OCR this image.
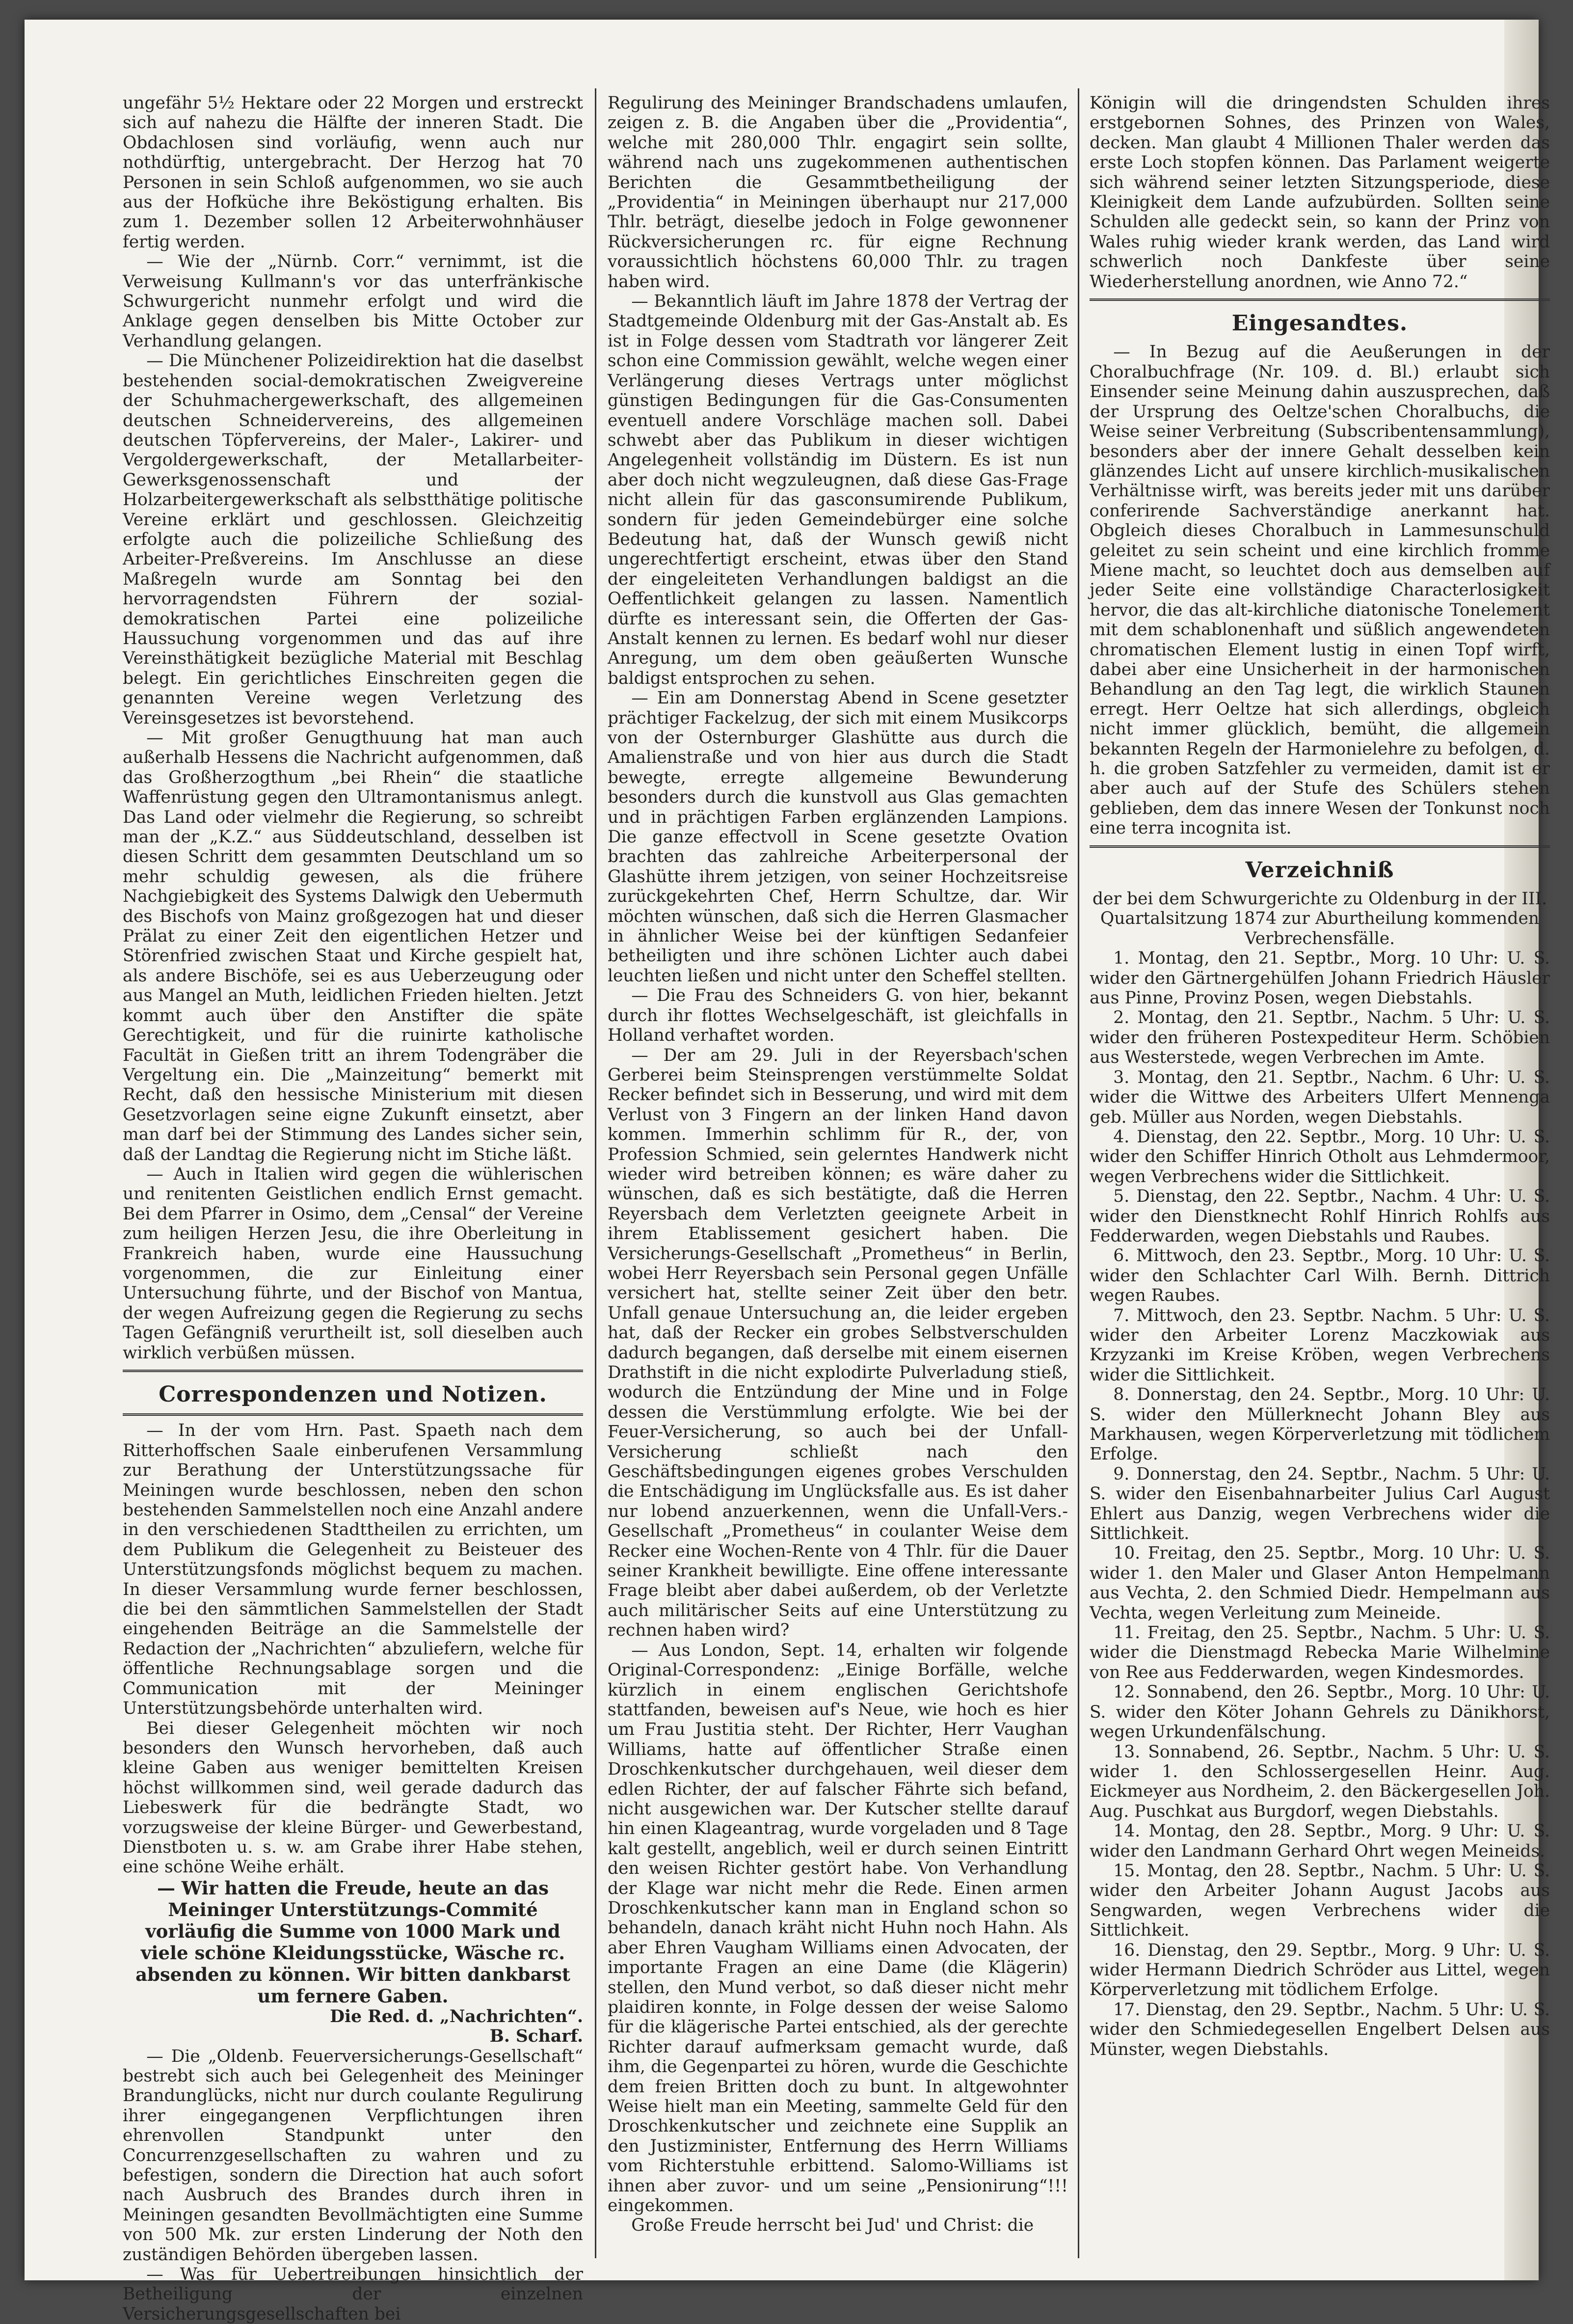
ungefähr 5½ Hektare oder 22 Morgen und erstreckt sich auf nahezu die Hälfte der inneren Stadt. Die Obdachlosen sind vorläufig, wenn auch nur nothdürftig, untergebracht. Der Herzog hat 70 Personen in sein Schloß aufgenommen, wo sie auch aus der Hofküche ihre Beköstigung erhalten. Bis zum 1. Dezember sollen 12 Arbeiterwohnhäuser fertig werden.

— Wie der „Nürnb. Corr.“ vernimmt, ist die Verweisung Kullmann's vor das unterfränkische Schwurgericht nunmehr erfolgt und wird die Anklage gegen denselben bis Mitte October zur Verhandlung gelangen.

— Die Münchener Polizeidirektion hat die daselbst bestehenden social-demokratischen Zweigvereine der Schuhmachergewerkschaft, des allgemeinen deutschen Schneidervereins, des allgemeinen deutschen Töpfervereins, der Maler-, Lakirer- und Vergoldergewerkschaft, der Metallarbeiter-Gewerksgenossenschaft und der Holzarbeitergewerkschaft als selbstthätige politische Vereine erklärt und geschlossen. Gleichzeitig erfolgte auch die polizeiliche Schließung des Arbeiter-Preßvereins. Im Anschlusse an diese Maßregeln wurde am Sonntag bei den hervorragendsten Führern der sozial-demokratischen Partei eine polizeiliche Haussuchung vorgenommen und das auf ihre Vereinsthätigkeit bezügliche Material mit Beschlag belegt. Ein gerichtliches Einschreiten gegen die genannten Vereine wegen Verletzung des Vereinsgesetzes ist bevorstehend.

— Mit großer Genugthuung hat man auch außerhalb Hessens die Nachricht aufgenommen, daß das Großherzogthum „bei Rhein“ die staatliche Waffenrüstung gegen den Ultramontanismus anlegt. Das Land oder vielmehr die Regierung, so schreibt man der „K.Z.“ aus Süddeutschland, desselben ist diesen Schritt dem gesammten Deutschland um so mehr schuldig gewesen, als die frühere Nachgiebigkeit des Systems Dalwigk den Uebermuth des Bischofs von Mainz großgezogen hat und dieser Prälat zu einer Zeit den eigentlichen Hetzer und Störenfried zwischen Staat und Kirche gespielt hat, als andere Bischöfe, sei es aus Ueberzeugung oder aus Mangel an Muth, leidlichen Frieden hielten. Jetzt kommt auch über den Anstifter die späte Gerechtigkeit, und für die ruinirte katholische Facultät in Gießen tritt an ihrem Todengräber die Vergeltung ein. Die „Mainzeitung“ bemerkt mit Recht, daß den hessische Ministerium mit diesen Gesetzvorlagen seine eigne Zukunft einsetzt, aber man darf bei der Stimmung des Landes sicher sein, daß der Landtag die Regierung nicht im Stiche läßt.

— Auch in Italien wird gegen die wühlerischen und renitenten Geistlichen endlich Ernst gemacht. Bei dem Pfarrer in Osimo, dem „Censal“ der Vereine zum heiligen Herzen Jesu, die ihre Oberleitung in Frankreich haben, wurde eine Haussuchung vorgenommen, die zur Einleitung einer Untersuchung führte, und der Bischof von Mantua, der wegen Aufreizung gegen die Regierung zu sechs Tagen Gefängniß verurtheilt ist, soll dieselben auch wirklich verbüßen müssen.

Correspondenzen und Notizen.

— In der vom Hrn. Past. Spaeth nach dem Ritterhoffschen Saale einberufenen Versammlung zur Berathung der Unterstützungssache für Meiningen wurde beschlossen, neben den schon bestehenden Sammelstellen noch eine Anzahl andere in den verschiedenen Stadttheilen zu errichten, um dem Publikum die Gelegenheit zu Beisteuer des Unterstützungsfonds möglichst bequem zu machen. In dieser Versammlung wurde ferner beschlossen, die bei den sämmtlichen Sammelstellen der Stadt eingehenden Beiträge an die Sammelstelle der Redaction der „Nachrichten“ abzuliefern, welche für öffentliche Rechnungsablage sorgen und die Communication mit der Meininger Unterstützungsbehörde unterhalten wird.

Bei dieser Gelegenheit möchten wir noch besonders den Wunsch hervorheben, daß auch kleine Gaben aus weniger bemittelten Kreisen höchst willkommen sind, weil gerade dadurch das Liebeswerk für die bedrängte Stadt, wo vorzugsweise der kleine Bürger- und Gewerbestand, Dienstboten u. s. w. am Grabe ihrer Habe stehen, eine schöne Weihe erhält.

— Wir hatten die Freude, heute an das Meininger Unterstützungs-Commité vorläufig die Summe von 1000 Mark und viele schöne Kleidungsstücke, Wäsche rc. absenden zu können. Wir bitten dankbarst um fernere Gaben.

Die Red. d. „Nachrichten“.

B. Scharf.

— Die „Oldenb. Feuerversicherungs-Gesellschaft“ bestrebt sich auch bei Gelegenheit des Meininger Brandunglücks, nicht nur durch coulante Regulirung ihrer eingegangenen Verpflichtungen ihren ehrenvollen Standpunkt unter den Concurrenzgesellschaften zu wahren und zu befestigen, sondern die Direction hat auch sofort nach Ausbruch des Brandes durch ihren in Meiningen gesandten Bevollmächtigten eine Summe von 500 Mk. zur ersten Linderung der Noth den zuständigen Behörden übergeben lassen.

— Was für Uebertreibungen hinsichtlich der Betheiligung der einzelnen Versicherungsgesellschaften bei

Regulirung des Meininger Brandschadens umlaufen, zeigen z. B. die Angaben über die „Providentia“, welche mit 280,000 Thlr. engagirt sein sollte, während nach uns zugekommenen authentischen Berichten die Gesammtbetheiligung der „Providentia“ in Meiningen überhaupt nur 217,000 Thlr. beträgt, dieselbe jedoch in Folge gewonnener Rückversicherungen rc. für eigne Rechnung voraussichtlich höchstens 60,000 Thlr. zu tragen haben wird.

— Bekanntlich läuft im Jahre 1878 der Vertrag der Stadtgemeinde Oldenburg mit der Gas-Anstalt ab. Es ist in Folge dessen vom Stadtrath vor längerer Zeit schon eine Commission gewählt, welche wegen einer Verlängerung dieses Vertrags unter möglichst günstigen Bedingungen für die Gas-Consumenten eventuell andere Vorschläge machen soll. Dabei schwebt aber das Publikum in dieser wichtigen Angelegenheit vollständig im Düstern. Es ist nun aber doch nicht wegzuleugnen, daß diese Gas-Frage nicht allein für das gasconsumirende Publikum, sondern für jeden Gemeindebürger eine solche Bedeutung hat, daß der Wunsch gewiß nicht ungerechtfertigt erscheint, etwas über den Stand der eingeleiteten Verhandlungen baldigst an die Oeffentlichkeit gelangen zu lassen. Namentlich dürfte es interessant sein, die Offerten der Gas-Anstalt kennen zu lernen. Es bedarf wohl nur dieser Anregung, um dem oben geäußerten Wunsche baldigst entsprochen zu sehen.

— Ein am Donnerstag Abend in Scene gesetzter prächtiger Fackelzug, der sich mit einem Musikcorps von der Osternburger Glashütte aus durch die Amalienstraße und von hier aus durch die Stadt bewegte, erregte allgemeine Bewunderung besonders durch die kunstvoll aus Glas gemachten und in prächtigen Farben erglänzenden Lampions. Die ganze effectvoll in Scene gesetzte Ovation brachten das zahlreiche Arbeiterpersonal der Glashütte ihrem jetzigen, von seiner Hochzeitsreise zurückgekehrten Chef, Herrn Schultze, dar. Wir möchten wünschen, daß sich die Herren Glasmacher in ähnlicher Weise bei der künftigen Sedanfeier betheiligten und ihre schönen Lichter auch dabei leuchten ließen und nicht unter den Scheffel stellten.

— Die Frau des Schneiders G. von hier, bekannt durch ihr flottes Wechselgeschäft, ist gleichfalls in Holland verhaftet worden.

— Der am 29. Juli in der Reyersbach'schen Gerberei beim Steinsprengen verstümmelte Soldat Recker befindet sich in Besserung, und wird mit dem Verlust von 3 Fingern an der linken Hand davon kommen. Immerhin schlimm für R., der, von Profession Schmied, sein gelerntes Handwerk nicht wieder wird betreiben können; es wäre daher zu wünschen, daß es sich bestätigte, daß die Herren Reyersbach dem Verletzten geeignete Arbeit in ihrem Etablissement gesichert haben. Die Versicherungs-Gesellschaft „Prometheus“ in Berlin, wobei Herr Reyersbach sein Personal gegen Unfälle versichert hat, stellte seiner Zeit über den betr. Unfall genaue Untersuchung an, die leider ergeben hat, daß der Recker ein grobes Selbstverschulden dadurch begangen, daß derselbe mit einem eisernen Drathstift in die nicht explodirte Pulverladung stieß, wodurch die Entzündung der Mine und in Folge dessen die Verstümmlung erfolgte. Wie bei der Feuer-Versicherung, so auch bei der Unfall-Versicherung schließt nach den Geschäftsbedingungen eigenes grobes Verschulden die Entschädigung im Unglücksfalle aus. Es ist daher nur lobend anzuerkennen, wenn die Unfall-Vers.-Gesellschaft „Prometheus“ in coulanter Weise dem Recker eine Wochen-Rente von 4 Thlr. für die Dauer seiner Krankheit bewilligte. Eine offene interessante Frage bleibt aber dabei außerdem, ob der Verletzte auch militärischer Seits auf eine Unterstützung zu rechnen haben wird?

— Aus London, Sept. 14, erhalten wir folgende Original-Correspondenz: „Einige Borfälle, welche kürzlich in einem englischen Gerichtshofe stattfanden, beweisen auf's Neue, wie hoch es hier um Frau Justitia steht. Der Richter, Herr Vaughan Williams, hatte auf öffentlicher Straße einen Droschkenkutscher durchgehauen, weil dieser dem edlen Richter, der auf falscher Fährte sich befand, nicht ausgewichen war. Der Kutscher stellte darauf hin einen Klageantrag, wurde vorgeladen und 8 Tage kalt gestellt, angeblich, weil er durch seinen Eintritt den weisen Richter gestört habe. Von Verhandlung der Klage war nicht mehr die Rede. Einen armen Droschkenkutscher kann man in England schon so behandeln, danach kräht nicht Huhn noch Hahn. Als aber Ehren Vaugham Williams einen Advocaten, der importante Fragen an eine Dame (die Klägerin) stellen, den Mund verbot, so daß dieser nicht mehr plaidiren konnte, in Folge dessen der weise Salomo für die klägerische Partei entschied, als der gerechte Richter darauf aufmerksam gemacht wurde, daß ihm, die Gegenpartei zu hören, wurde die Geschichte dem freien Britten doch zu bunt. In altgewohnter Weise hielt man ein Meeting, sammelte Geld für den Droschkenkutscher und zeichnete eine Supplik an den Justizminister, Entfernung des Herrn Williams vom Richterstuhle erbittend. Salomo-Williams ist ihnen aber zuvor- und um seine „Pensionirung“!!! eingekommen.

Große Freude herrscht bei Jud' und Christ: die

Königin will die dringendsten Schulden ihres erstgebornen Sohnes, des Prinzen von Wales, decken. Man glaubt 4 Millionen Thaler werden das erste Loch stopfen können. Das Parlament weigerte sich während seiner letzten Sitzungsperiode, diese Kleinigkeit dem Lande aufzubürden. Sollten seine Schulden alle gedeckt sein, so kann der Prinz von Wales ruhig wieder krank werden, das Land wird schwerlich noch Dankfeste über seine Wiederherstellung anordnen, wie Anno 72.“

Eingesandtes.

— In Bezug auf die Aeußerungen in der Choralbuchfrage (Nr. 109. d. Bl.) erlaubt sich Einsender seine Meinung dahin auszusprechen, daß der Ursprung des Oeltze'schen Choralbuchs, die Weise seiner Verbreitung (Subscribentensammlung), besonders aber der innere Gehalt desselben kein glänzendes Licht auf unsere kirchlich-musikalischen Verhältnisse wirft, was bereits jeder mit uns darüber conferirende Sachverständige anerkannt hat. Obgleich dieses Choralbuch in Lammesunschuld geleitet zu sein scheint und eine kirchlich fromme Miene macht, so leuchtet doch aus demselben auf jeder Seite eine vollständige Characterlosigkeit hervor, die das alt-kirchliche diatonische Tonelement mit dem schablonenhaft und süßlich angewendeten chromatischen Element lustig in einen Topf wirft, dabei aber eine Unsicherheit in der harmonischen Behandlung an den Tag legt, die wirklich Staunen erregt. Herr Oeltze hat sich allerdings, obgleich nicht immer glücklich, bemüht, die allgemein bekannten Regeln der Harmonielehre zu befolgen, d. h. die groben Satzfehler zu vermeiden, damit ist er aber auch auf der Stufe des Schülers stehen geblieben, dem das innere Wesen der Tonkunst noch eine terra incognita ist.

Verzeichniß

der bei dem Schwurgerichte zu Oldenburg in der III. Quartalsitzung 1874 zur Aburtheilung kommenden Verbrechensfälle.

1. Montag, den 21. Septbr., Morg. 10 Uhr: U. S. wider den Gärtnergehülfen Johann Friedrich Häusler aus Pinne, Provinz Posen, wegen Diebstahls.

2. Montag, den 21. Septbr., Nachm. 5 Uhr: U. S. wider den früheren Postexpediteur Herm. Schöbien aus Westerstede, wegen Verbrechen im Amte.

3. Montag, den 21. Septbr., Nachm. 6 Uhr: U. S. wider die Wittwe des Arbeiters Ulfert Mennenga geb. Müller aus Norden, wegen Diebstahls.

4. Dienstag, den 22. Septbr., Morg. 10 Uhr: U. S. wider den Schiffer Hinrich Otholt aus Lehmdermoor, wegen Verbrechens wider die Sittlichkeit.

5. Dienstag, den 22. Septbr., Nachm. 4 Uhr: U. S. wider den Dienstknecht Rohlf Hinrich Rohlfs aus Fedderwarden, wegen Diebstahls und Raubes.

6. Mittwoch, den 23. Septbr., Morg. 10 Uhr: U. S. wider den Schlachter Carl Wilh. Bernh. Dittrich wegen Raubes.

7. Mittwoch, den 23. Septbr. Nachm. 5 Uhr: U. S. wider den Arbeiter Lorenz Maczkowiak aus Krzyzanki im Kreise Kröben, wegen Verbrechens wider die Sittlichkeit.

8. Donnerstag, den 24. Septbr., Morg. 10 Uhr: U. S. wider den Müllerknecht Johann Bley aus Markhausen, wegen Körperverletzung mit tödlichem Erfolge.

9. Donnerstag, den 24. Septbr., Nachm. 5 Uhr: U. S. wider den Eisenbahnarbeiter Julius Carl August Ehlert aus Danzig, wegen Verbrechens wider die Sittlichkeit.

10. Freitag, den 25. Septbr., Morg. 10 Uhr: U. S. wider 1. den Maler und Glaser Anton Hempelmann aus Vechta, 2. den Schmied Diedr. Hempelmann aus Vechta, wegen Verleitung zum Meineide.

11. Freitag, den 25. Septbr., Nachm. 5 Uhr: U. S. wider die Dienstmagd Rebecka Marie Wilhelmine von Ree aus Fedderwarden, wegen Kindesmordes.

12. Sonnabend, den 26. Septbr., Morg. 10 Uhr: U. S. wider den Köter Johann Gehrels zu Dänikhorst, wegen Urkundenfälschung.

13. Sonnabend, 26. Septbr., Nachm. 5 Uhr: U. S. wider 1. den Schlossergesellen Heinr. Aug. Eickmeyer aus Nordheim, 2. den Bäckergesellen Joh. Aug. Puschkat aus Burgdorf, wegen Diebstahls.

14. Montag, den 28. Septbr., Morg. 9 Uhr: U. S. wider den Landmann Gerhard Ohrt wegen Meineids.

15. Montag, den 28. Septbr., Nachm. 5 Uhr: U. S. wider den Arbeiter Johann August Jacobs aus Sengwarden, wegen Verbrechens wider die Sittlichkeit.

16. Dienstag, den 29. Septbr., Morg. 9 Uhr: U. S. wider Hermann Diedrich Schröder aus Littel, wegen Körperverletzung mit tödlichem Erfolge.

17. Dienstag, den 29. Septbr., Nachm. 5 Uhr: U. S. wider den Schmiedegesellen Engelbert Delsen aus Münster, wegen Diebstahls.
